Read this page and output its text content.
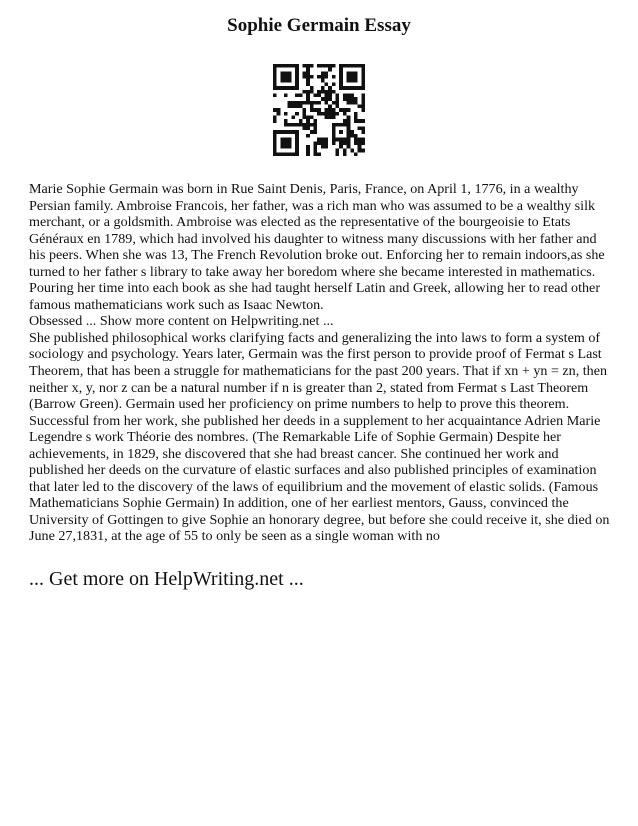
Sophie Germain Essay

Marie Sophie Germain was born in Rue Saint Denis, Paris, France, on April 1, 1776, in a wealthy Persian family. Ambroise Francois, her father, was a rich man who was assumed to be a wealthy silk merchant, or a goldsmith. Ambroise was elected as the representative of the bourgeoisie to Etats Généraux en 1789, which had involved his daughter to witness many discussions with her father and his peers. When she was 13, The French Revolution broke out. Enforcing her to remain indoors,as she turned to her father s library to take away her boredom where she became interested in mathematics. Pouring her time into each book as she had taught herself Latin and Greek, allowing her to read other famous mathematicians work such as Isaac Newton.

Obsessed ... Show more content on Helpwriting.net ...

She published philosophical works clarifying facts and generalizing the into laws to form a system of sociology and psychology. Years later, Germain was the first person to provide proof of Fermat s Last Theorem, that has been a struggle for mathematicians for the past 200 years. That if xn + yn = zn, then neither x, y, nor z can be a natural number if n is greater than 2, stated from Fermat s Last Theorem (Barrow Green). Germain used her proficiency on prime numbers to help to prove this theorem. Successful from her work, she published her deeds in a supplement to her acquaintance Adrien Marie Legendre s work Théorie des nombres. (The Remarkable Life of Sophie Germain) Despite her achievements, in 1829, she discovered that she had breast cancer. She continued her work and published her deeds on the curvature of elastic surfaces and also published principles of examination that later led to the discovery of the laws of equilibrium and the movement of elastic solids. (Famous Mathematicians Sophie Germain) In addition, one of her earliest mentors, Gauss, convinced the University of Gottingen to give Sophie an honorary degree, but before she could receive it, she died on June 27,1831, at the age of 55 to only be seen as a single woman with no

... Get more on HelpWriting.net ...
